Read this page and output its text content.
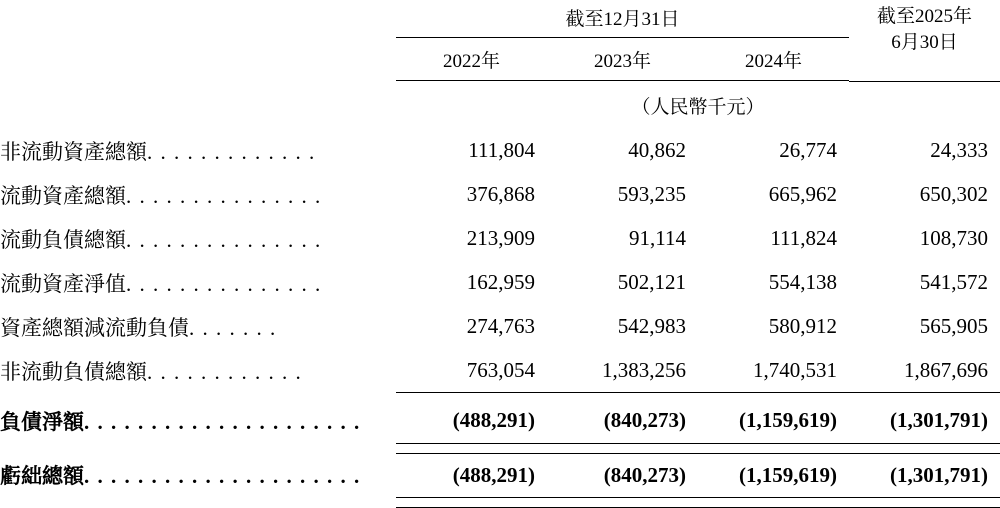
	截至12月31日			截至2025年
6月30日
	2022年	2023年	2024年	

	（人民幣千元）			
非流動資產總額. . . . . . . . . . . . .	111,804	40,862	26,774	24,333
流動資產總額. . . . . . . . . . . . . . .	376,868	593,235	665,962	650,302
流動負債總額. . . . . . . . . . . . . . .	213,909	91,114	111,824	108,730
流動資產淨值. . . . . . . . . . . . . . .	162,959	502,121	554,138	541,572
資產總額減流動負債. . . . . . .	274,763	542,983	580,912	565,905
非流動負債總額. . . . . . . . . . . .	763,054	1,383,256	1,740,531	1,867,696

負債淨額. . . . . . . . . . . . . . . . . . . . .	(488,291)	(840,273)	(1,159,619)	(1,301,791)

虧絀總額. . . . . . . . . . . . . . . . . . . . .	(488,291)	(840,273)	(1,159,619)	(1,301,791)
